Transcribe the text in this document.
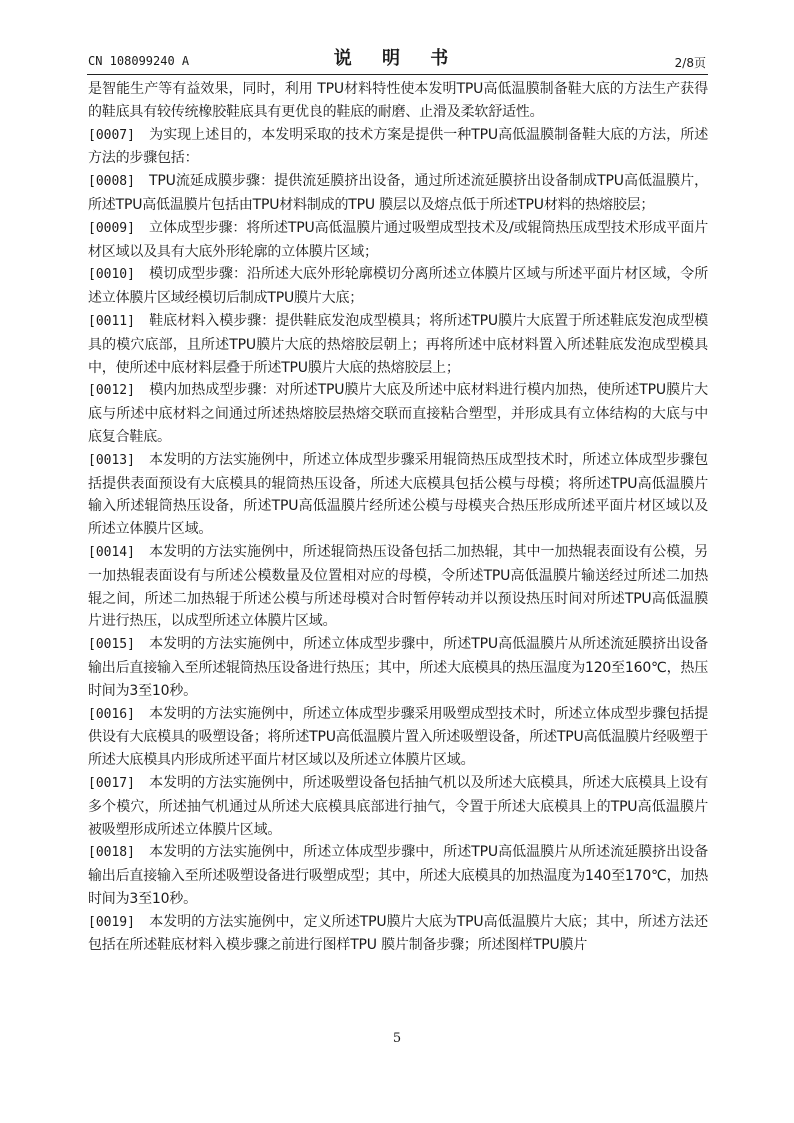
CN 108099240 A	说 明 书	2/8页

是智能生产等有益效果，同时，利用 TPU材料特性使本发明TPU高低温膜制备鞋大底的方法生产获得的鞋底具有较传统橡胶鞋底具有更优良的鞋底的耐磨、止滑及柔软舒适性。

[0007] 为实现上述目的，本发明采取的技术方案是提供一种TPU高低温膜制备鞋大底的方法，所述方法的步骤包括：

[0008] TPU流延成膜步骤：提供流延膜挤出设备，通过所述流延膜挤出设备制成TPU高低温膜片，所述TPU高低温膜片包括由TPU材料制成的TPU 膜层以及熔点低于所述TPU材料的热熔胶层；

[0009] 立体成型步骤：将所述TPU高低温膜片通过吸塑成型技术及/或辊筒热压成型技术形成平面片材区域以及具有大底外形轮廓的立体膜片区域；

[0010] 模切成型步骤：沿所述大底外形轮廓模切分离所述立体膜片区域与所述平面片材区域，令所述立体膜片区域经模切后制成TPU膜片大底；

[0011] 鞋底材料入模步骤：提供鞋底发泡成型模具；将所述TPU膜片大底置于所述鞋底发泡成型模具的模穴底部，且所述TPU膜片大底的热熔胶层朝上；再将所述中底材料置入所述鞋底发泡成型模具中，使所述中底材料层叠于所述TPU膜片大底的热熔胶层上；

[0012] 模内加热成型步骤：对所述TPU膜片大底及所述中底材料进行模内加热，使所述TPU膜片大底与所述中底材料之间通过所述热熔胶层热熔交联而直接粘合塑型，并形成具有立体结构的大底与中底复合鞋底。

[0013] 本发明的方法实施例中，所述立体成型步骤采用辊筒热压成型技术时，所述立体成型步骤包括提供表面预设有大底模具的辊筒热压设备，所述大底模具包括公模与母模；将所述TPU高低温膜片输入所述辊筒热压设备，所述TPU高低温膜片经所述公模与母模夹合热压形成所述平面片材区域以及所述立体膜片区域。

[0014] 本发明的方法实施例中，所述辊筒热压设备包括二加热辊，其中一加热辊表面设有公模，另一加热辊表面设有与所述公模数量及位置相对应的母模，令所述TPU高低温膜片输送经过所述二加热辊之间，所述二加热辊于所述公模与所述母模对合时暂停转动并以预设热压时间对所述TPU高低温膜片进行热压，以成型所述立体膜片区域。

[0015] 本发明的方法实施例中，所述立体成型步骤中，所述TPU高低温膜片从所述流延膜挤出设备输出后直接输入至所述辊筒热压设备进行热压；其中，所述大底模具的热压温度为120至160℃，热压时间为3至10秒。

[0016] 本发明的方法实施例中，所述立体成型步骤采用吸塑成型技术时，所述立体成型步骤包括提供设有大底模具的吸塑设备；将所述TPU高低温膜片置入所述吸塑设备，所述TPU高低温膜片经吸塑于所述大底模具内形成所述平面片材区域以及所述立体膜片区域。

[0017] 本发明的方法实施例中，所述吸塑设备包括抽气机以及所述大底模具，所述大底模具上设有多个模穴，所述抽气机通过从所述大底模具底部进行抽气，令置于所述大底模具上的TPU高低温膜片被吸塑形成所述立体膜片区域。

[0018] 本发明的方法实施例中，所述立体成型步骤中，所述TPU高低温膜片从所述流延膜挤出设备输出后直接输入至所述吸塑设备进行吸塑成型；其中，所述大底模具的加热温度为140至170℃，加热时间为3至10秒。

[0019] 本发明的方法实施例中，定义所述TPU膜片大底为TPU高低温膜片大底；其中，所述方法还包括在所述鞋底材料入模步骤之前进行图样TPU 膜片制备步骤；所述图样TPU膜片

5
